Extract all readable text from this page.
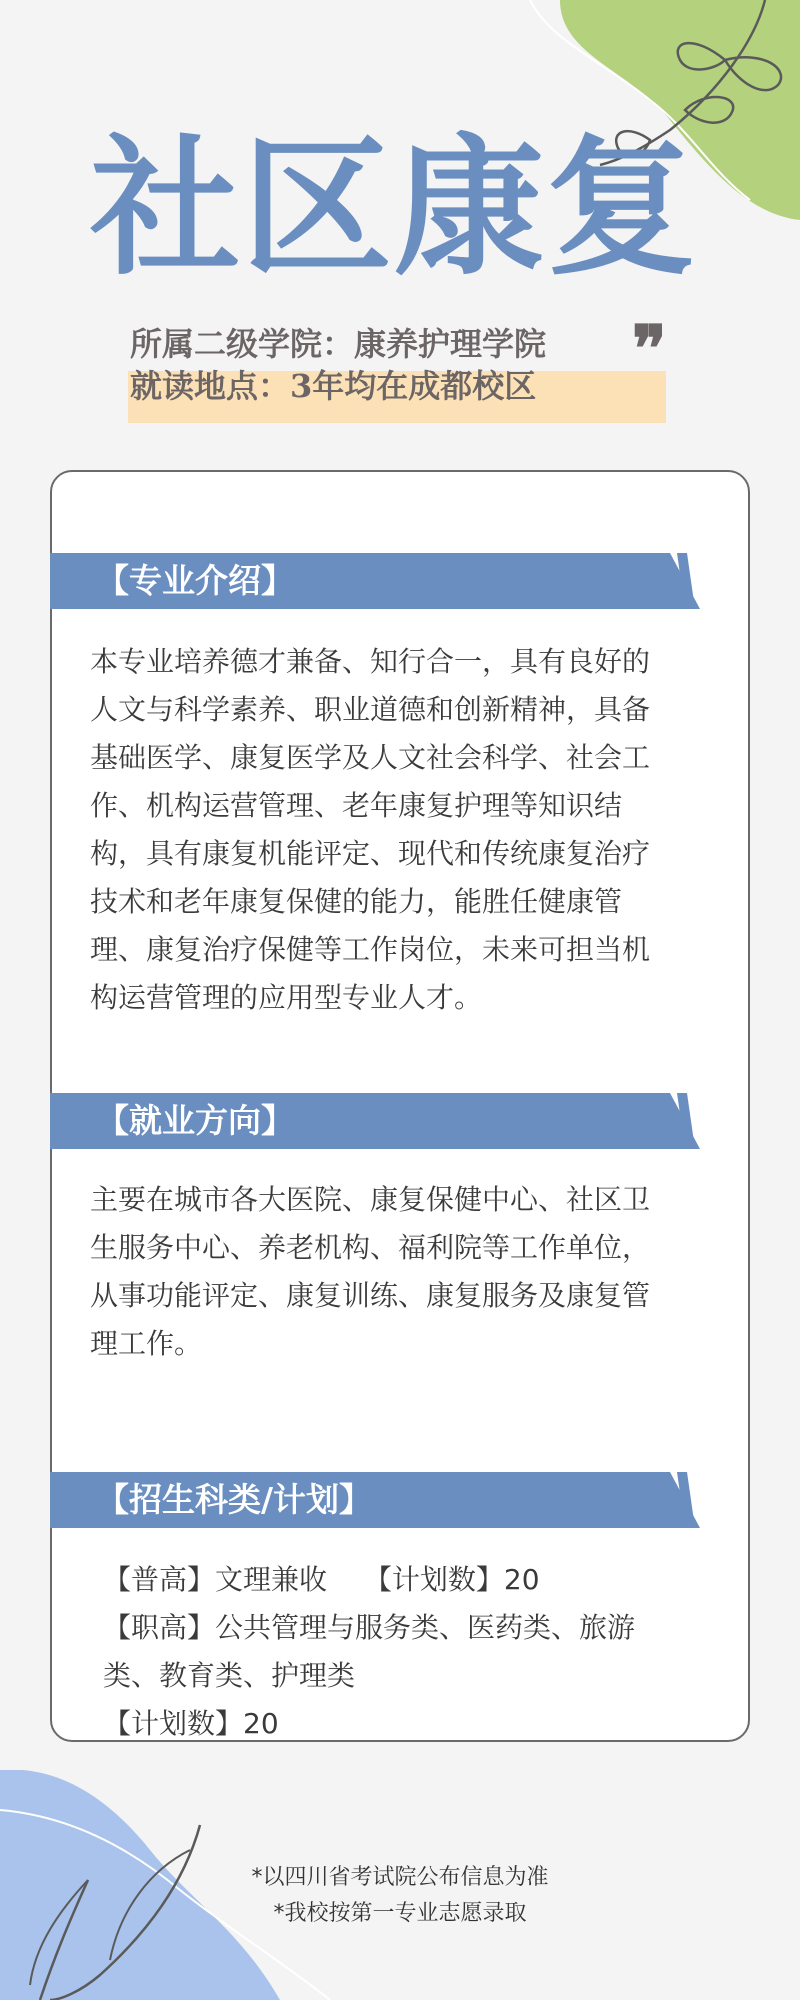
社区康复
所属二级学院：康养护理学院
就读地点：3年均在成都校区 ❞
【专业介绍】

本专业培养德才兼备、知行合一，具有良好的

人文与科学素养、职业道德和创新精神，具备

基础医学、康复医学及人文社会科学、社会工

作、机构运营管理、老年康复护理等知识结

构，具有康复机能评定、现代和传统康复治疗

技术和老年康复保健的能力，能胜任健康管

理、康复治疗保健等工作岗位，未来可担当机

构运营管理的应用型专业人才。

【就业方向】

主要在城市各大医院、康复保健中心、社区卫

生服务中心、养老机构、福利院等工作单位，

从事功能评定、康复训练、康复服务及康复管

理工作。

【招生科类/计划】
【普高】文理兼收　 【计划数】20
【职高】公共管理与服务类、医药类、旅游
类、教育类、护理类
【计划数】20
*以四川省考试院公布信息为准
*我校按第一专业志愿录取
